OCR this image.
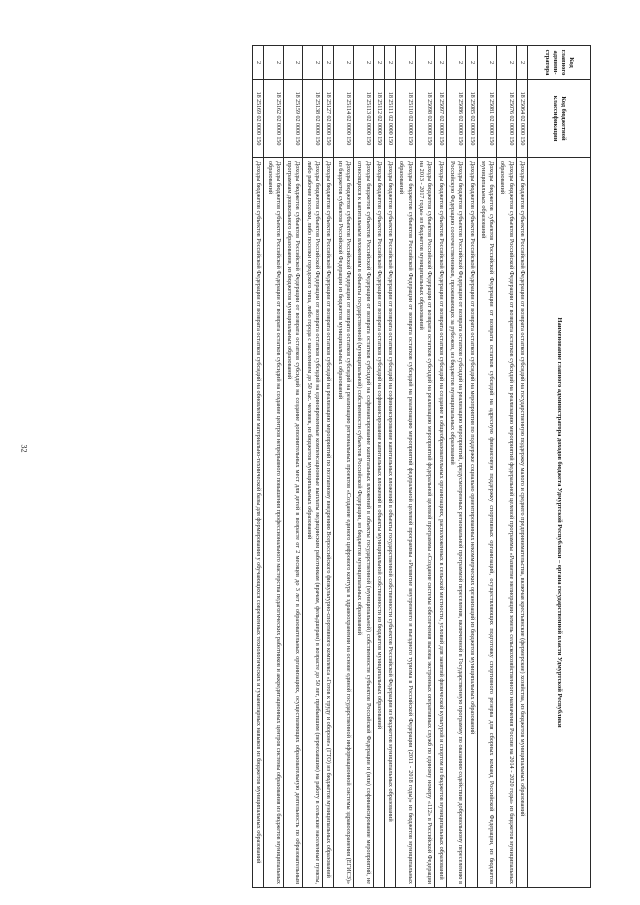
32
Код главного админи-стратора	Код бюджетной классификации	Наименование главного администратора доходов бюджета Удмуртской Республики – органа государственной власти Удмуртской Республики
2	18 25064 02 0000 150	Доходы бюджетов субъектов Российской Федерации от возврата остатков субсидий на государственную поддержку малого и среднего предпринимательства, включая крестьянские (фермерские) хозяйства, из бюджетов муниципальных образований
2	18 25076 02 0000 150	Доходы бюджетов субъектов Российской Федерации от возврата остатков субсидий на реализацию мероприятий федеральной целевой программы «Развитие мелиорации земель сельскохозяйственного назначения России на 2014 - 2020 годы» из бюджетов муниципальных образований
2	18 25081 02 0000 150	Доходы бюджетов субъектов Российской Федерации от возврата остатков субсидий на адресную финансовую поддержку спортивных организаций, осуществляющих подготовку спортивного резерва для сборных команд Российской Федерации, из бюджетов муниципальных образований
2	18 25085 02 0000 150	Доходы бюджетов субъектов Российской Федерации от возврата остатков субсидий на мероприятия по поддержке социально ориентированных некоммерческих организаций из бюджетов муниципальных образований
2	18 25086 02 0000 150	Доходы бюджетов субъектов Российской Федерации от возврата остатков субсидий на реализацию мероприятий, предусмотренных региональной программой переселения, включенной в Государственную программу по оказанию содействия добровольному переселению в Российскую Федерацию соотечественников, проживающих за рубежом, из бюджетов муниципальных образований
2	18 25097 02 0000 150	Доходы бюджетов субъектов Российской Федерации от возврата остатков субсидий на создание в общеобразовательных организациях, расположенных в сельской местности, условий для занятий физической культурой и спортом из бюджетов муниципальных образований
2	18 25098 02 0000 150	Доходы бюджетов субъектов Российской Федерации от возврата остатков субсидий на реализацию мероприятий федеральной целевой программы «Создание системы обеспечения вызова экстренных оперативных служб по единому номеру «112» в Российской Федерации на 2013 - 2017 годы» из бюджетов муниципальных образований
2	18 25110 02 0000 150	Доходы бюджетов субъектов Российской Федерации от возврата остатков субсидий на реализацию мероприятий федеральной целевой программы «Развитие внутреннего и въездного туризма в Российской Федерации (2011 - 2018 годы)» из бюджетов муниципальных образований
2	18 25111 02 0000 150	Доходы бюджетов субъектов Российской Федерации от возврата остатков субсидий на софинансирование капитальных вложений в объекты государственной собственности субъектов Российской Федерации из бюджетов муниципальных образований
2	18 25112 02 0000 150	Доходы бюджетов субъектов Российской Федерации от возврата остатков субсидий на софинансирование капитальных вложений в объекты муниципальной собственности из бюджетов муниципальных образований
2	18 25113 02 0000 150	Доходы бюджетов субъектов Российской Федерации от возврата остатков субсидий на софинансирование капитальных вложений в объекты государственной (муниципальной) собственности субъектов Российской Федерации и (или) софинансирование мероприятий, не относящихся к капитальным вложениям в объекты государственной (муниципальной) собственности субъектов Российской Федерации, из бюджетов муниципальных образований
2	18 25114 02 0000 150	Доходы бюджетов субъектов Российской Федерации от возврата остатков субсидий на реализацию региональных проектов «Создание единого цифрового контура в здравоохранении на основе единой государственной информационной системы здравоохранения (ЕГИСЗ)» из бюджетов субъектов Российской Федерации из бюджетов муниципальных образований
2	18 25127 02 0000 150	Доходы бюджетов субъектов Российской Федерации от возврата остатков субсидий на реализацию мероприятий по поэтапному внедрению Всероссийского физкультурно-спортивного комплекса «Готов к труду и обороне» (ГТО) из бюджетов муниципальных образований
2	18 25138 02 0000 150	Доходы бюджетов субъектов Российской Федерации от возврата остатков субсидий на единовременные компенсационные выплаты медицинским работникам (врачам, фельдшерам) в возрасте до 50 лет, прибывшим (переехавшим) на работу в сельские населенные пункты, либо рабочие поселки, либо поселки городского типа, либо города с населением до 50 тыс. человек, из бюджетов муниципальных образований
2	18 25159 02 0000 150	Доходы бюджетов субъектов Российской Федерации от возврата остатков субсидий на создание дополнительных мест для детей в возрасте от 2 месяцев до 3 лет в образовательных организациях, осуществляющих образовательную деятельность по образовательным программам дошкольного образования, из бюджетов муниципальных образований
2	18 25162 02 0000 150	Доходы бюджетов субъектов Российской Федерации от возврата остатков субсидий на создание центров непрерывного повышения профессионального мастерства педагогических работников и аккредитационных центров системы образования из бюджетов муниципальных образований
2	18 25169 02 0000 150	Доходы бюджетов субъектов Российской Федерации от возврата остатков субсидий на обновление материально-технической базы для формирования у обучающихся современных технологических и гуманитарных навыков из бюджетов муниципальных образований
